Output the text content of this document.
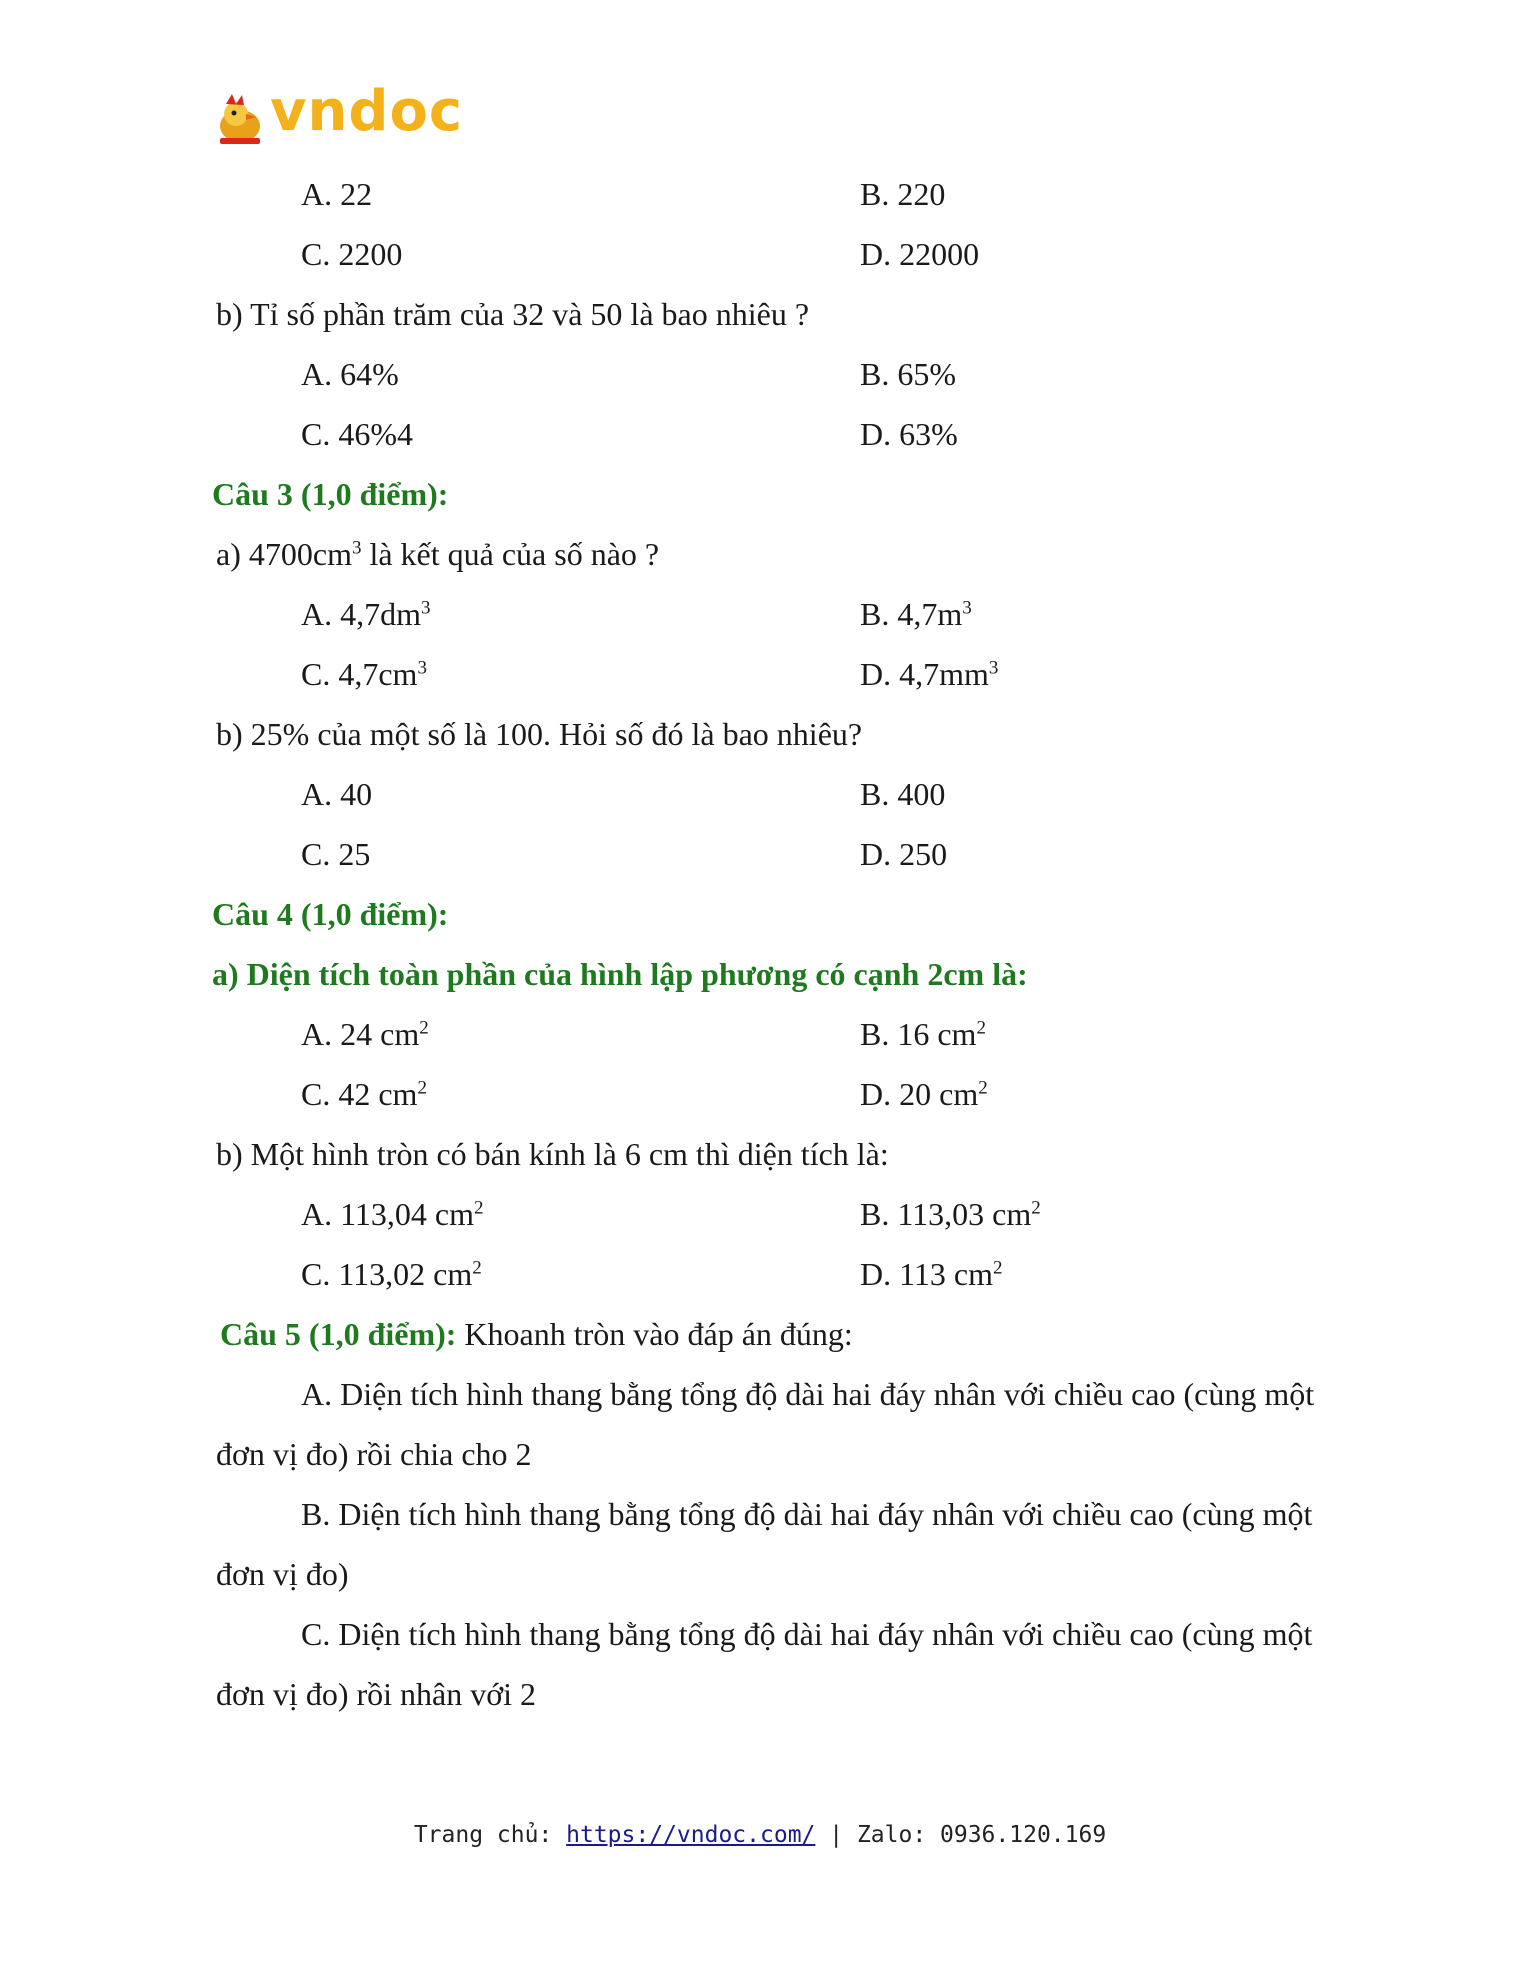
vndoc
A. 22	B. 220
C. 2200	D. 22000
b) Tỉ số phần trăm của 32 và 50 là bao nhiêu ?
A. 64%	B. 65%
C. 46%4	D. 63%
Câu 3 (1,0 điểm):
a) $4700cm^3$ là kết quả của số nào ?
A. $4,7dm^3$	B. $4,7m^3$
C. $4,7cm^3$	D. $4,7mm^3$
b) 25% của một số là 100. Hỏi số đó là bao nhiêu?
A. 40	B. 400
C. 25	D. 250
Câu 4 (1,0 điểm):
a) Diện tích toàn phần của hình lập phương có cạnh 2cm là:
A. 24 $cm^2$	B. 16 $cm^2$
C. 42 $cm^2$	D. 20 $cm^2$
b) Một hình tròn có bán kính là 6 cm thì diện tích là:
A. 113,04 $cm^2$	B. 113,03 $cm^2$
C. 113,02 $cm^2$	D. 113 $cm^2$
Câu 5 (1,0 điểm): Khoanh tròn vào đáp án đúng:
A. Diện tích hình thang bằng tổng độ dài hai đáy nhân với chiều cao (cùng một
đơn vị đo) rồi chia cho 2
B. Diện tích hình thang bằng tổng độ dài hai đáy nhân với chiều cao (cùng một
đơn vị đo)
C. Diện tích hình thang bằng tổng độ dài hai đáy nhân với chiều cao (cùng một
đơn vị đo) rồi nhân với 2
Trang chủ: https://vndoc.com/ | Zalo: 0936.120.169
